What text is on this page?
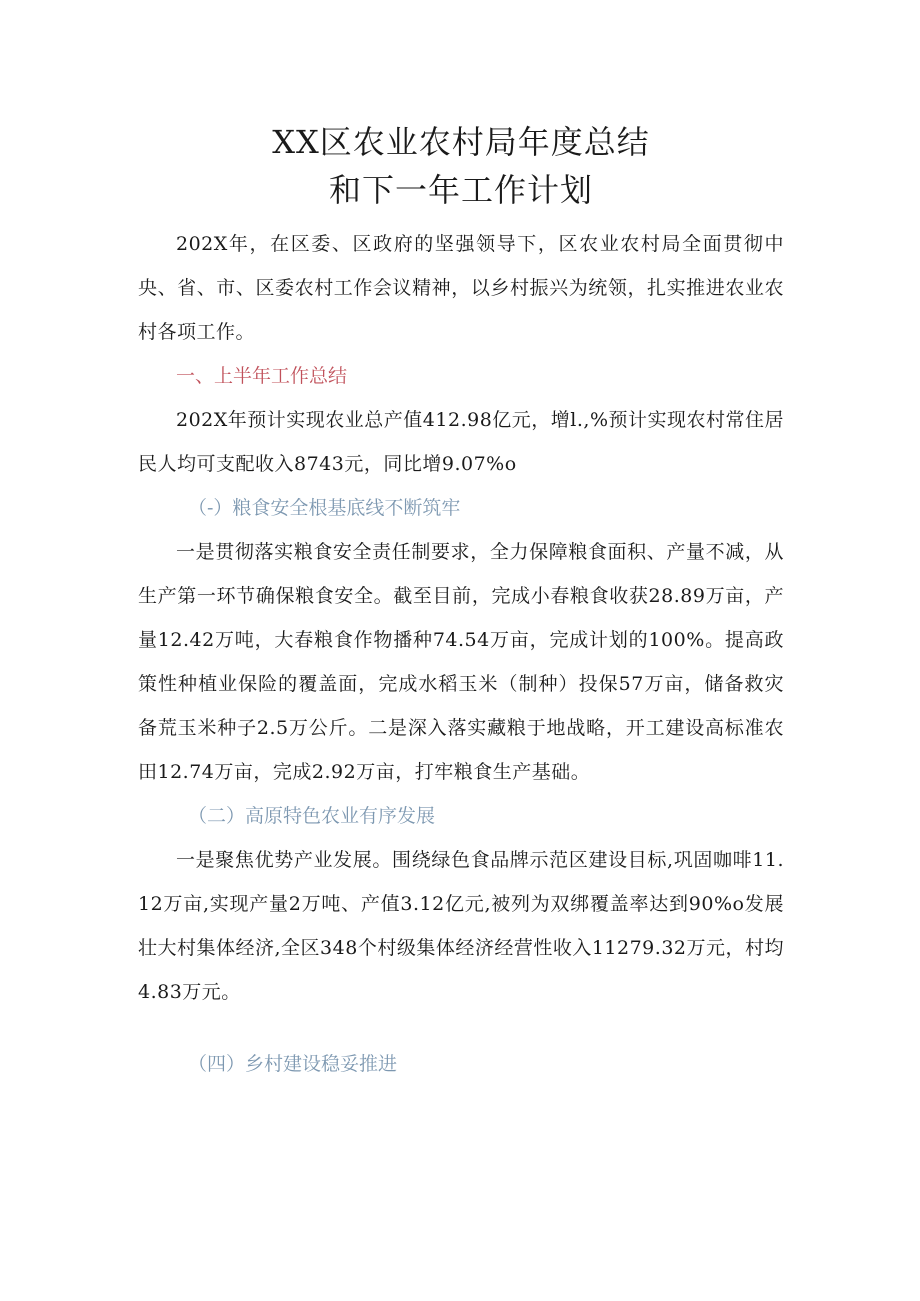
XX区农业农村局年度总结
和下一年工作计划

202X年，在区委、区政府的坚强领导下，区农业农村局全面贯彻中央、省、市、区委农村工作会议精神，以乡村振兴为统领，扎实推进农业农村各项工作。

一、上半年工作总结

202X年预计实现农业总产值412.98亿元，增l.,%预计实现农村常住居民人均可支配收入8743元，同比增9.07%o

（-）粮食安全根基底线不断筑牢

一是贯彻落实粮食安全责任制要求，全力保障粮食面积、产量不减，从生产第一环节确保粮食安全。截至目前，完成小春粮食收获28.89万亩，产量12.42万吨，大春粮食作物播种74.54万亩，完成计划的100%。提高政策性种植业保险的覆盖面，完成水稻玉米（制种）投保57万亩，储备救灾备荒玉米种子2.5万公斤。二是深入落实藏粮于地战略，开工建设高标准农田12.74万亩，完成2.92万亩，打牢粮食生产基础。

（二）高原特色农业有序发展

一是聚焦优势产业发展。围绕绿色食品牌示范区建设目标,巩固咖啡11.12万亩,实现产量2万吨、产值3.12亿元,被列为双绑覆盖率达到90%o发展壮大村集体经济,全区348个村级集体经济经营性收入11279.32万元，村均4.83万元。

（四）乡村建设稳妥推进
